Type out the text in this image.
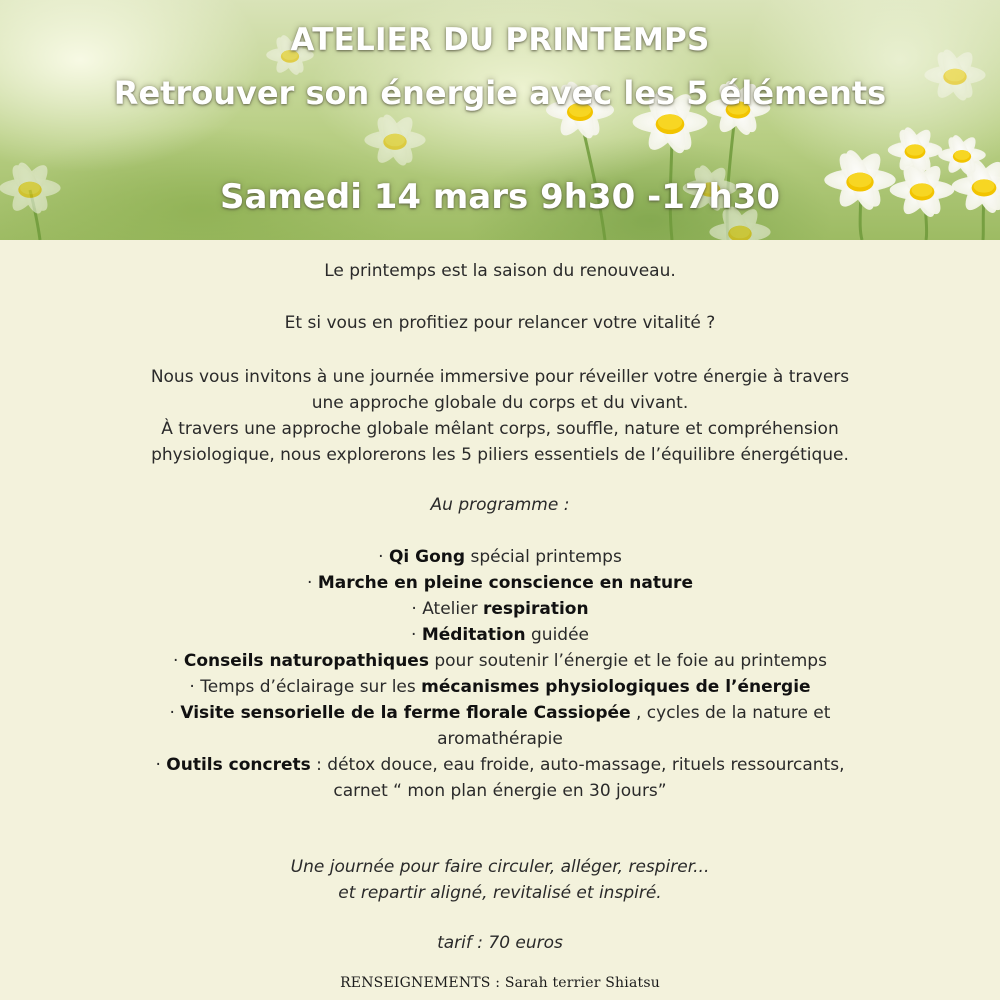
ATELIER DU PRINTEMPS
Retrouver son énergie avec les 5 éléments
Samedi 14 mars 9h30 -17h30

Le printemps est la saison du renouveau.

Et si vous en profitiez pour relancer votre vitalité ?

Nous vous invitons à une journée immersive pour réveiller votre énergie à travers

une approche globale du corps et du vivant.

À travers une approche globale mêlant corps, souffle, nature et compréhension

physiologique, nous explorerons les 5 piliers essentiels de l’équilibre énergétique.

Au programme :

· Qi Gong spécial printemps

· Marche en pleine conscience en nature

· Atelier respiration

· Méditation guidée

· Conseils naturopathiques pour soutenir l’énergie et le foie au printemps

· Temps d’éclairage sur les mécanismes physiologiques de l’énergie

· Visite sensorielle de la ferme florale Cassiopée , cycles de la nature et

aromathérapie

· Outils concrets : détox douce, eau froide, auto-massage, rituels ressourcants,

carnet “ mon plan énergie en 30 jours”

Une journée pour faire circuler, alléger, respirer...

et repartir aligné, revitalisé et inspiré.

tarif : 70 euros

RENSEIGNEMENTS : Sarah terrier Shiatsu
